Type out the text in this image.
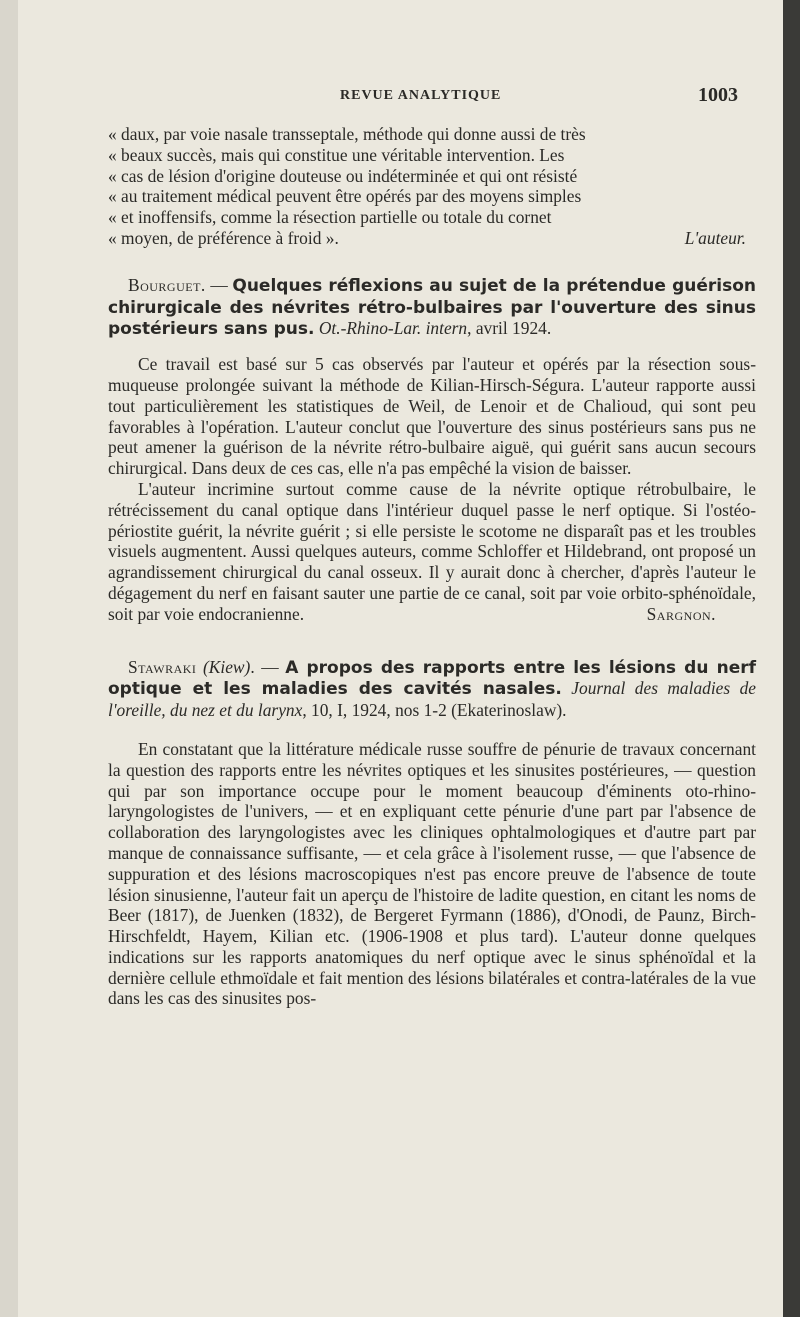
REVUE ANALYTIQUE	1003

« daux, par voie nasale transseptale, méthode qui donne aussi de très

« beaux succès, mais qui constitue une véritable intervention. Les

« cas de lésion d'origine douteuse ou indéterminée et qui ont résisté

« au traitement médical peuvent être opérés par des moyens simples

« et inoffensifs, comme la résection partielle ou totale du cornet

« moyen, de préférence à froid ».	L'auteur.

Bourguet. — Quelques réflexions au sujet de la prétendue guérison chirurgicale des névrites rétro-bulbaires par l'ouverture des sinus postérieurs sans pus. Ot.-Rhino-Lar. intern, avril 1924.

Ce travail est basé sur 5 cas observés par l'auteur et opérés par la résection sous-muqueuse prolongée suivant la méthode de Kilian-Hirsch-Ségura. L'auteur rapporte aussi tout particulièrement les statistiques de Weil, de Lenoir et de Chalioud, qui sont peu favorables à l'opération. L'auteur conclut que l'ouverture des sinus postérieurs sans pus ne peut amener la guérison de la névrite rétro-bulbaire aiguë, qui guérit sans aucun secours chirurgical. Dans deux de ces cas, elle n'a pas empêché la vision de baisser.

L'auteur incrimine surtout comme cause de la névrite optique rétrobulbaire, le rétrécissement du canal optique dans l'intérieur duquel passe le nerf optique. Si l'ostéo-périostite guérit, la névrite guérit ; si elle persiste le scotome ne disparaît pas et les troubles visuels augmentent. Aussi quelques auteurs, comme Schloffer et Hildebrand, ont proposé un agrandissement chirurgical du canal osseux. Il y aurait donc à chercher, d'après l'auteur le dégagement du nerf en faisant sauter une partie de ce canal, soit par voie orbito-sphénoïdale, soit par voie endocranienne.	Sargnon.

Stawraki (Kiew). — A propos des rapports entre les lésions du nerf optique et les maladies des cavités nasales. Journal des maladies de l'oreille, du nez et du larynx, 10, I, 1924, nos 1-2 (Ekaterinoslaw).

En constatant que la littérature médicale russe souffre de pénurie de travaux concernant la question des rapports entre les névrites optiques et les sinusites postérieures, — question qui par son importance occupe pour le moment beaucoup d'éminents oto-rhino-laryngologistes de l'univers, — et en expliquant cette pénurie d'une part par l'absence de collaboration des laryngologistes avec les cliniques ophtalmologiques et d'autre part par manque de connaissance suffisante, — et cela grâce à l'isolement russe, — que l'absence de suppuration et des lésions macroscopiques n'est pas encore preuve de l'absence de toute lésion sinusienne, l'auteur fait un aperçu de l'histoire de ladite question, en citant les noms de Beer (1817), de Juenken (1832), de Bergeret Fyrmann (1886), d'Onodi, de Paunz, Birch-Hirschfeldt, Hayem, Kilian etc. (1906-1908 et plus tard). L'auteur donne quelques indications sur les rapports anatomiques du nerf optique avec le sinus sphénoïdal et la dernière cellule ethmoïdale et fait mention des lésions bilatérales et contra-latérales de la vue dans les cas des sinusites pos-
